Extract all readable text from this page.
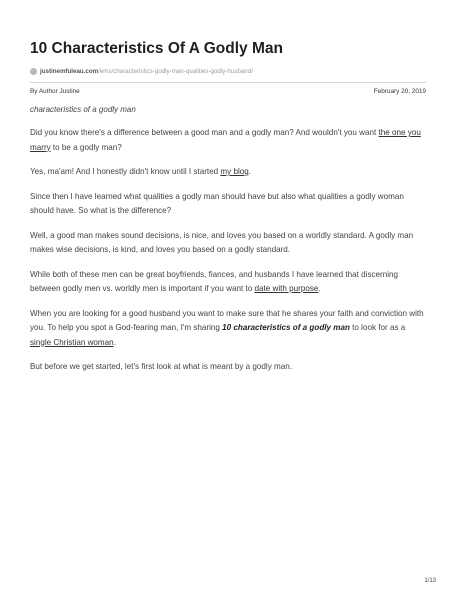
10 Characteristics Of A Godly Man
justinemfuleau.com /ems/characteristics-godly-man-qualities-godly-husband/
By Author Justine	February 20, 2019
characteristics of a godly man

Did you know there's a difference between a good man and a godly man? And wouldn't you want the one you marry to be a godly man?

Yes, ma'am! And I honestly didn't know until I started my blog.

Since then I have learned what qualities a godly man should have but also what qualities a godly woman should have. So what is the difference?

Well, a good man makes sound decisions, is nice, and loves you based on a worldly standard. A godly man makes wise decisions, is kind, and loves you based on a godly standard.

While both of these men can be great boyfriends, fiances, and husbands I have learned that discerning between godly men vs. worldly men is important if you want to date with purpose.

When you are looking for a good husband you want to make sure that he shares your faith and conviction with you. To help you spot a God-fearing man, I'm sharing 10 characteristics of a godly man to look for as a single Christian woman.

But before we get started, let's first look at what is meant by a godly man.

1/13
